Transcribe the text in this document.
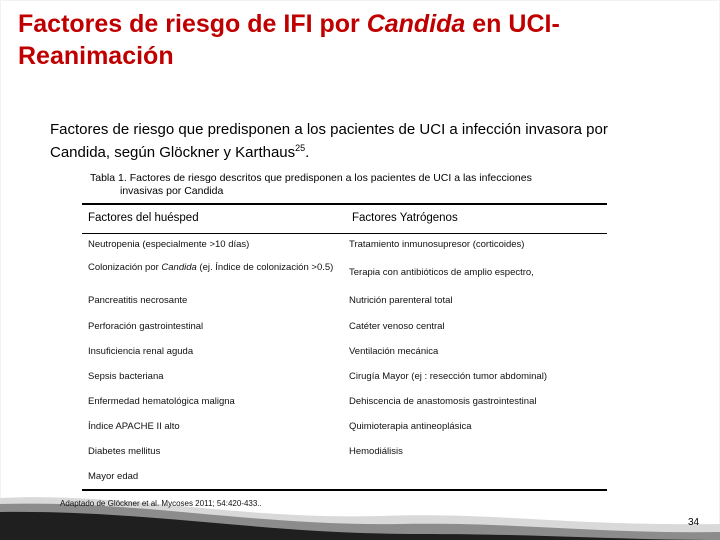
Factores de riesgo de IFI por Candida en UCI-Reanimación
Factores de riesgo que predisponen a los pacientes de UCI a infección invasora por Candida, según Glöckner y Karthaus$^{25}$.
Tabla 1. Factores de riesgo descritos que predisponen a los pacientes de UCI a las infecciones
invasivas por Candida
Factores del huésped	Factores Yatrógenos
Neutropenia (especialmente >10 días)
Colonización por Candida (ej. Índice de colonización >0.5)
Pancreatitis necrosante
Perforación gastrointestinal
Insuficiencia renal aguda
Sepsis bacteriana
Enfermedad hematológica maligna
Índice APACHE II alto
Diabetes mellitus
Mayor edad
Tratamiento inmunosupresor (corticoides)
Terapia con antibióticos de amplio espectro,
Nutrición parenteral total
Catéter venoso central
Ventilación mecánica
Cirugía Mayor (ej : resección tumor abdominal)
Dehiscencia de anastomosis gastrointestinal
Quimioterapia antineoplásica
Hemodiálisis
Adaptado de Glöckner et al. Mycoses 2011; 54:420-433..
34
